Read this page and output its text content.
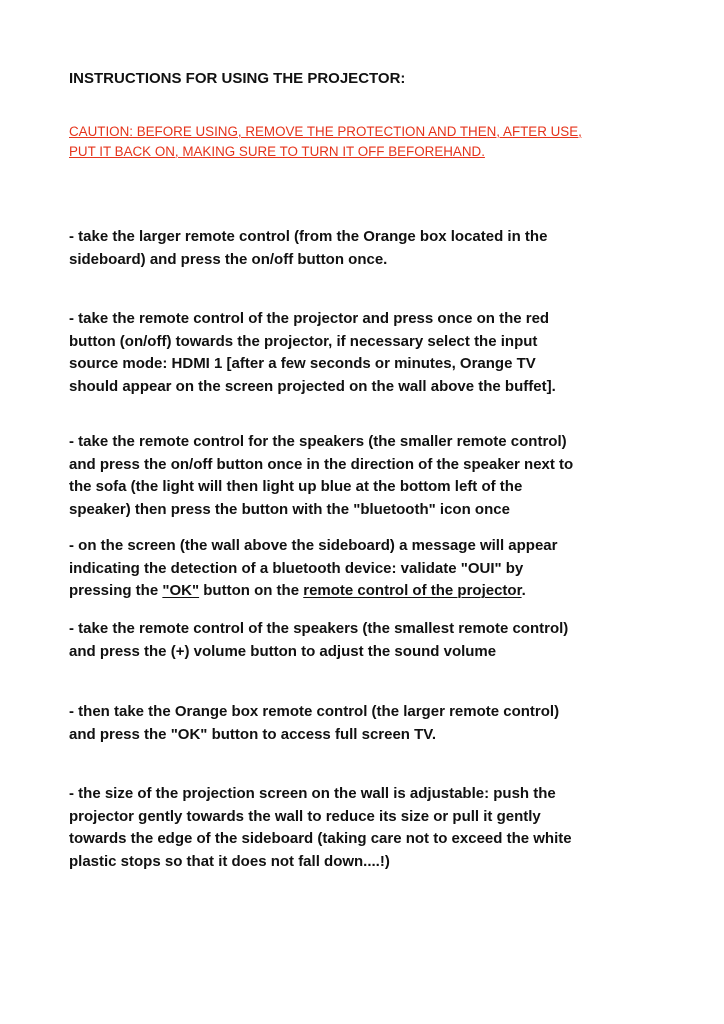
INSTRUCTIONS FOR USING THE PROJECTOR:
CAUTION: BEFORE USING, REMOVE THE PROTECTION AND THEN, AFTER USE,
PUT IT BACK ON, MAKING SURE TO TURN IT OFF BEFOREHAND.
- take the larger remote control (from the Orange box located in the
sideboard) and press the on/off button once.
- take the remote control of the projector and press once on the red
button (on/off) towards the projector, if necessary select the input
source mode: HDMI 1 [after a few seconds or minutes, Orange TV
should appear on the screen projected on the wall above the buffet].
- take the remote control for the speakers (the smaller remote control)
and press the on/off button once in the direction of the speaker next to
the sofa (the light will then light up blue at the bottom left of the
speaker) then press the button with the "bluetooth" icon once
- on the screen (the wall above the sideboard) a message will appear
indicating the detection of a bluetooth device: validate "OUI" by
pressing the "OK" button on the remote control of the projector.
- take the remote control of the speakers (the smallest remote control)
and press the (+) volume button to adjust the sound volume
- then take the Orange box remote control (the larger remote control)
and press the "OK" button to access full screen TV.
- the size of the projection screen on the wall is adjustable: push the
projector gently towards the wall to reduce its size or pull it gently
towards the edge of the sideboard (taking care not to exceed the white
plastic stops so that it does not fall down....!)
